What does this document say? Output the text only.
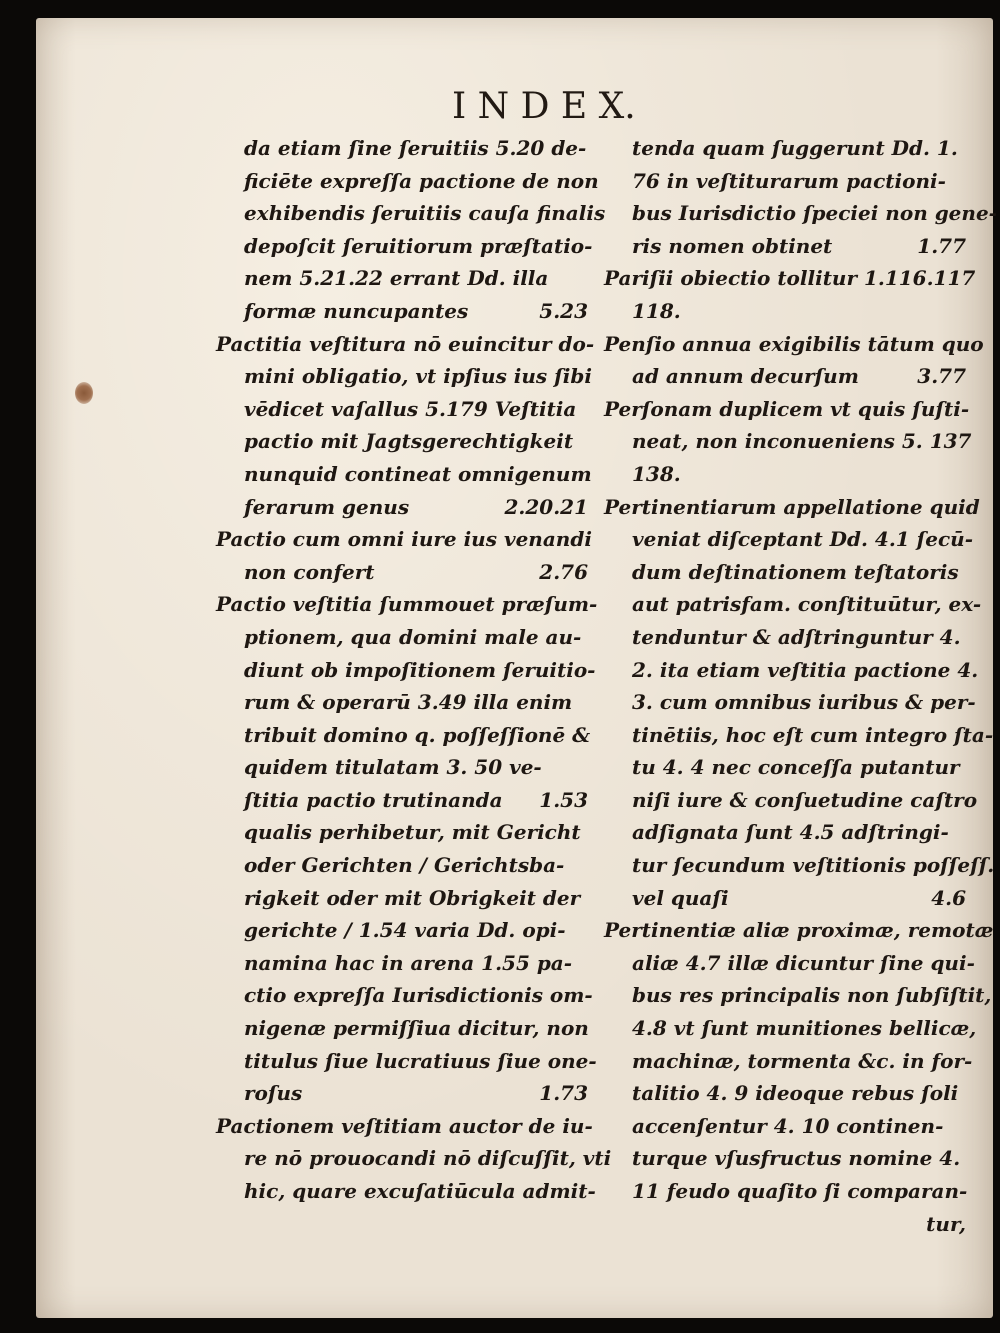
I N D E X.
da etiam ſine ſeruitiis 5.20 de-
ficiēte expreſſa pactione de non
exhibendis ſeruitiis cauſa finalis
depoſcit ſeruitiorum præſtatio-
nem 5.21.22 errant Dd. illa
formæ nuncupantes	5.23
Pactitia veſtitura nō euincitur do-
mini obligatio, vt ipſius ius ſibi
vēdicet vaſallus 5.179 Veſtitia
pactio mit Jagtsgerechtigkeit
nunquid contineat omnigenum
ferarum genus	2.20.21
Pactio cum omni iure ius venandi
non confert	2.76
Pactio veſtitia ſummouet præſum-
ptionem, qua domini male au-
diunt ob impoſitionem ſeruitio-
rum & operarū 3.49 illa enim
tribuit domino q. poſſeſſionē &
quidem titulatam 3. 50 ve-
ſtitia pactio trutinanda 1.53
qualis perhibetur, mit Gericht
oder Gerichten / Gerichtsba-
rigkeit oder mit Obrigkeit der
gerichte / 1.54 varia Dd. opi-
namina hac in arena 1.55 pa-
ctio expreſſa Iurisdictionis om-
nigenæ permiſſiua dicitur, non
titulus ſiue lucratiuus ſiue one-
roſus	1.73
Pactionem veſtitiam auctor de iu-
re nō prouocandi nō diſcuſſit, vti
hic, quare excuſatiūcula admit-
tenda quam ſuggerunt Dd. 1.
76 in veſtiturarum pactioni-
bus Iurisdictio ſpeciei non gene-
ris nomen obtinet	1.77
Pariſii obiectio tollitur 1.116.117
118.
Penſio annua exigibilis tātum quo
ad annum decurſum	3.77
Perſonam duplicem vt quis ſuſti-
neat, non inconueniens 5. 137
138.
Pertinentiarum appellatione quid
veniat diſceptant Dd. 4.1 ſecū-
dum deſtinationem teſtatoris
aut patrisfam. conſtituūtur, ex-
tenduntur & adſtringuntur 4.
2. ita etiam veſtitia pactione 4.
3. cum omnibus iuribus & per-
tinētiis, hoc eſt cum integro ſta-
tu 4. 4 nec conceſſa putantur
niſi iure & conſuetudine caſtro
adſignata ſunt 4.5 adſtringi-
tur ſecundum veſtitionis poſſeſſ.
vel quaſi	4.6
Pertinentiæ aliæ proximæ, remotæ
aliæ 4.7 illæ dicuntur ſine qui-
bus res principalis non ſubſiſtit,
4.8 vt ſunt munitiones bellicæ,
machinæ, tormenta &c. in for-
talitio 4. 9 ideoque rebus ſoli
accenſentur 4. 10 continen-
turque vſusfructus nomine 4.
11 feudo quaſito ſi comparan-
tur,
